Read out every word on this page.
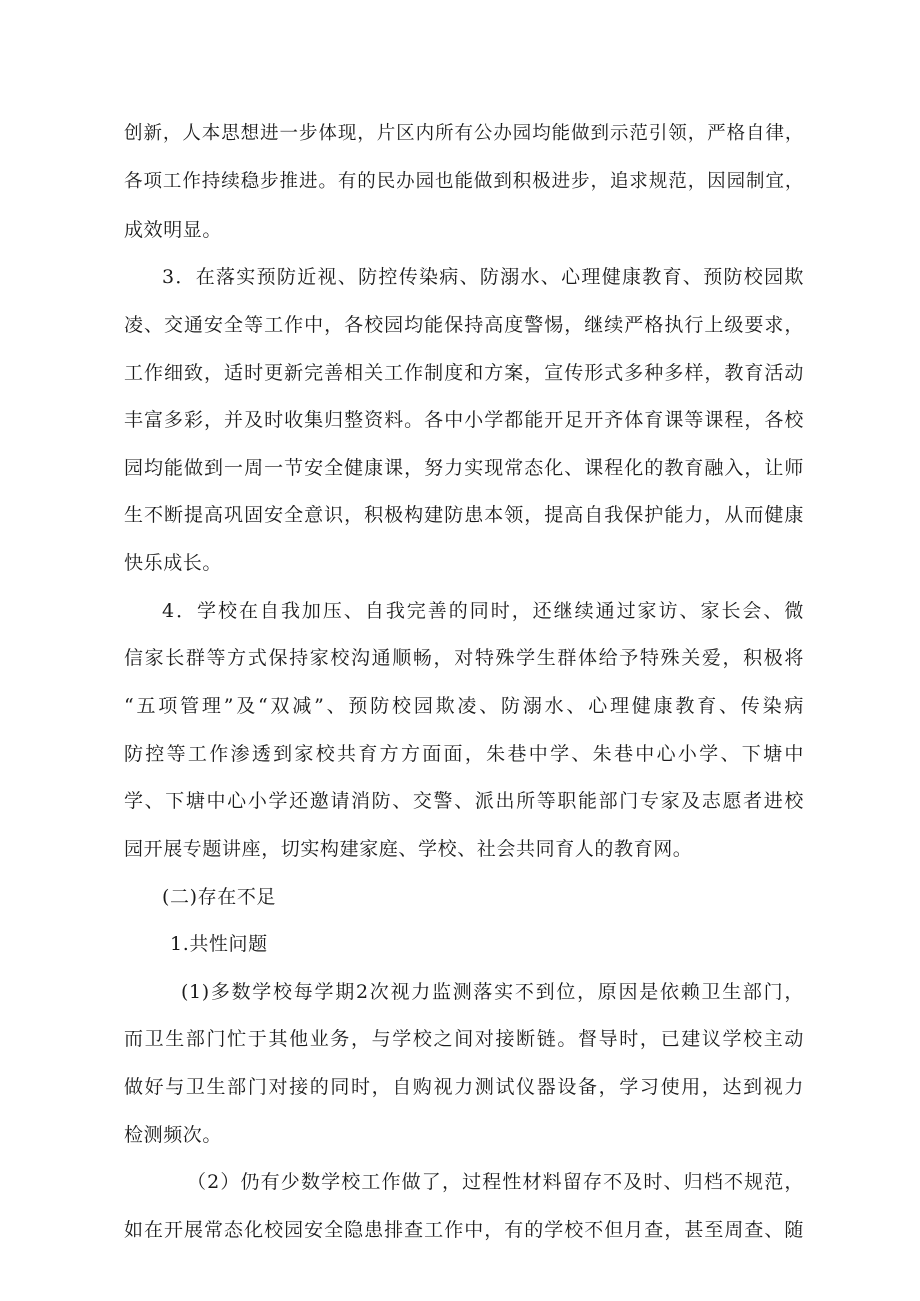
创新，人本思想进一步体现，片区内所有公办园均能做到示范引领，严格自律，
各项工作持续稳步推进。有的民办园也能做到积极进步，追求规范，因园制宜，
成效明显。
3．在落实预防近视、防控传染病、防溺水、心理健康教育、预防校园欺
凌、交通安全等工作中，各校园均能保持高度警惕，继续严格执行上级要求，
工作细致，适时更新完善相关工作制度和方案，宣传形式多种多样，教育活动
丰富多彩，并及时收集归整资料。各中小学都能开足开齐体育课等课程，各校
园均能做到一周一节安全健康课，努力实现常态化、课程化的教育融入，让师
生不断提高巩固安全意识，积极构建防患本领，提高自我保护能力，从而健康
快乐成长。
4．学校在自我加压、自我完善的同时，还继续通过家访、家长会、微
信家长群等方式保持家校沟通顺畅，对特殊学生群体给予特殊关爱，积极将
“五项管理”及“双减”、预防校园欺凌、防溺水、心理健康教育、传染病
防控等工作渗透到家校共育方方面面，朱巷中学、朱巷中心小学、下塘中
学、下塘中心小学还邀请消防、交警、派出所等职能部门专家及志愿者进校
园开展专题讲座，切实构建家庭、学校、社会共同育人的教育网。
(二)存在不足
1.共性问题
(1)多数学校每学期2次视力监测落实不到位，原因是依赖卫生部门，
而卫生部门忙于其他业务，与学校之间对接断链。督导时，已建议学校主动
做好与卫生部门对接的同时，自购视力测试仪器设备，学习使用，达到视力
检测频次。
（2）仍有少数学校工作做了，过程性材料留存不及时、归档不规范，
如在开展常态化校园安全隐患排查工作中，有的学校不但月查，甚至周查、随
